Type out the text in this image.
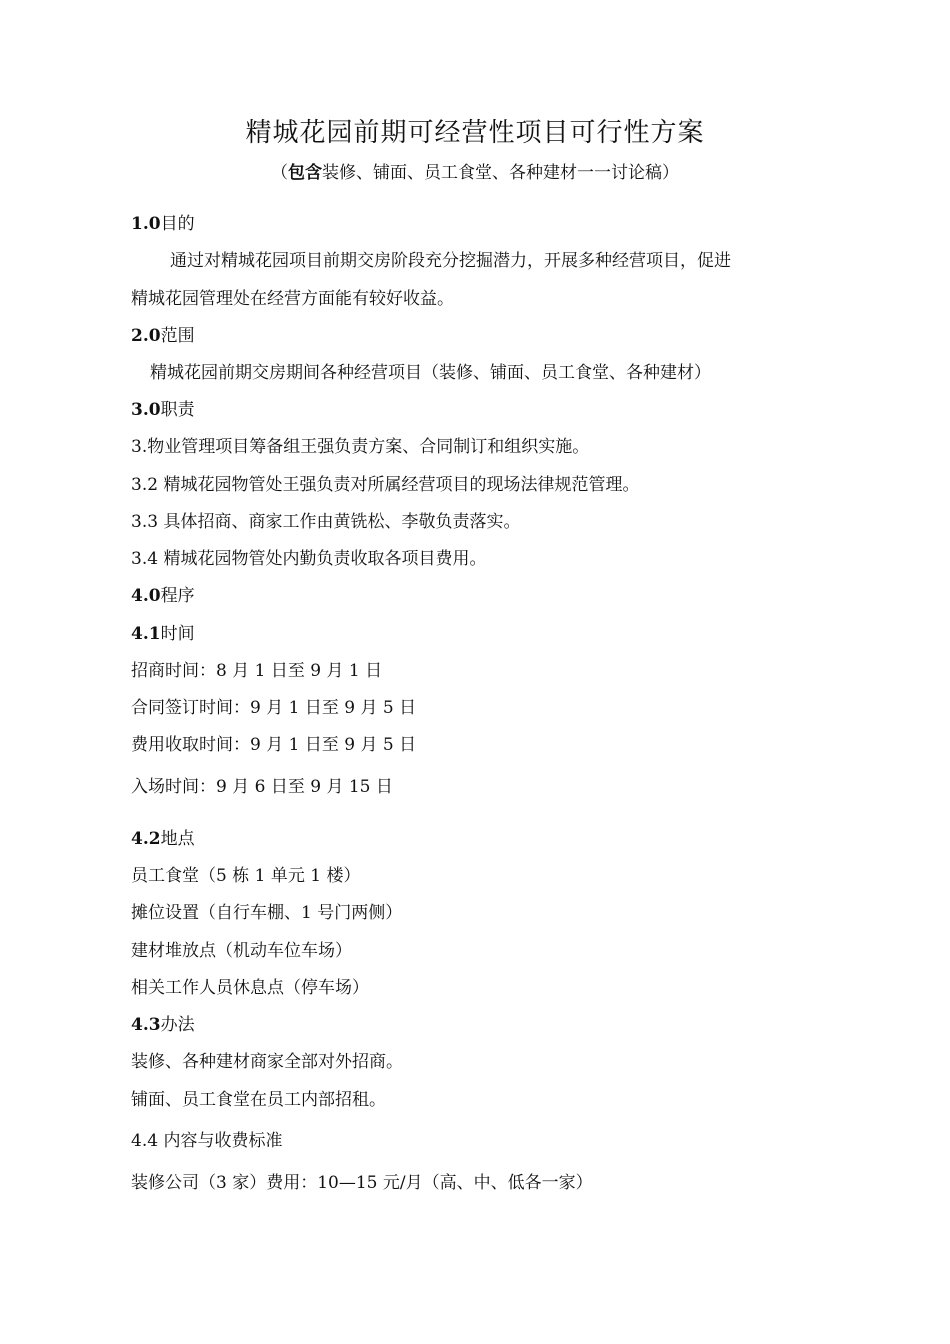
精城花园前期可经营性项目可行性方案
（包含装修、铺面、员工食堂、各种建材一一讨论稿）
1.0目的
通过对精城花园项目前期交房阶段充分挖掘潜力，开展多种经营项目，促进
精城花园管理处在经营方面能有较好收益。
2.0范围
精城花园前期交房期间各种经营项目（装修、铺面、员工食堂、各种建材）
3.0职责
3.物业管理项目筹备组王强负责方案、合同制订和组织实施。
3.2 精城花园物管处王强负责对所属经营项目的现场法律规范管理。
3.3 具体招商、商家工作由黄铣松、李敬负责落实。
3.4 精城花园物管处内勤负责收取各项目费用。
4.0程序
4.1时间
招商时间：8 月 1 日至 9 月 1 日
合同签订时间：9 月 1 日至 9 月 5 日
费用收取时间：9 月 1 日至 9 月 5 日
入场时间：9 月 6 日至 9 月 15 日
4.2地点
员工食堂（5 栋 1 单元 1 楼）
摊位设置（自行车棚、1 号门两侧）
建材堆放点（机动车位车场）
相关工作人员休息点（停车场）
4.3办法
装修、各种建材商家全部对外招商。
铺面、员工食堂在员工内部招租。
4.4 内容与收费标准
装修公司（3 家）费用：10—15 元/月（高、中、低各一家）
